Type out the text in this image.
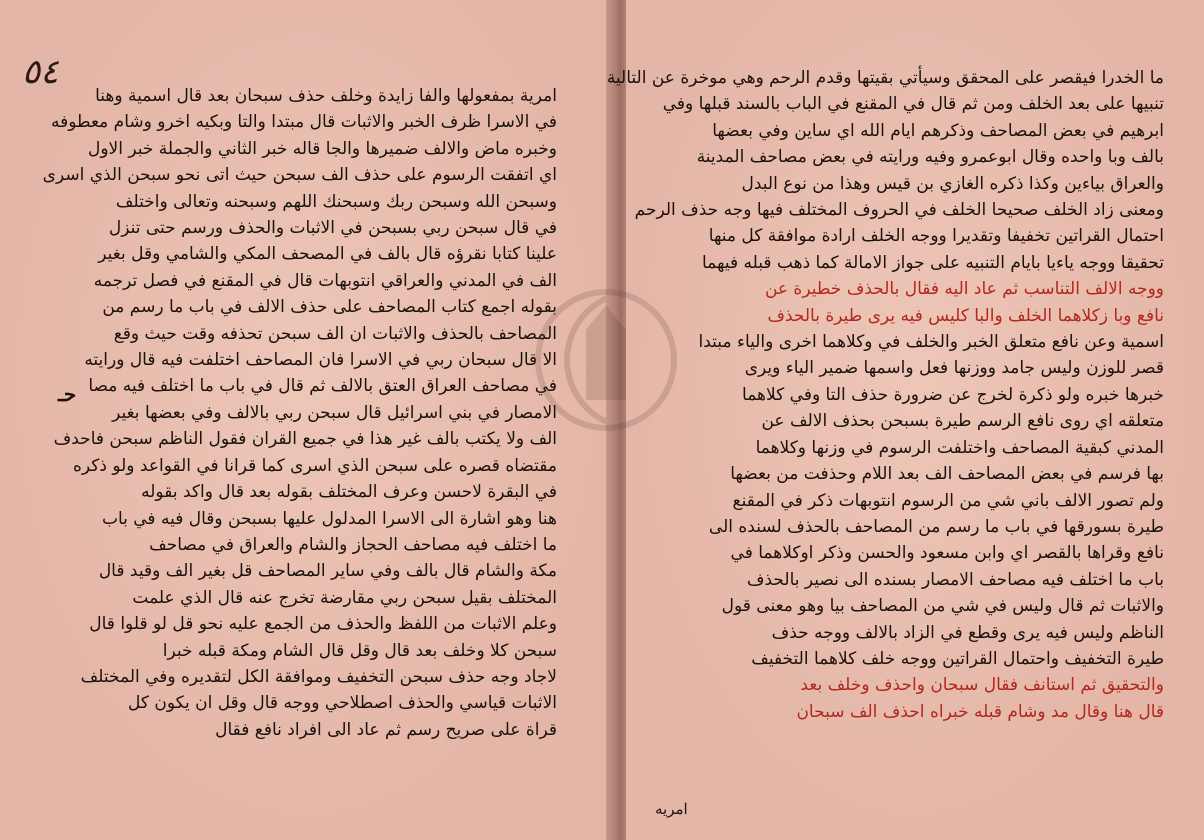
٥٤
حـ
امرية بمفعولها والفا زايدة وخلف حذف سبحان بعد قال اسمية وهنا
في الاسرا ظرف الخبر والاثبات قال مبتدا والتا وبكيه اخرو وشام معطوفه
وخبره ماض والالف ضميرها والجا قاله خبر الثاني والجملة خبر الاول
اي اتفقت الرسوم على حذف الف سبحن حيث اتى نحو سبحن الذي اسرى
وسبحن الله وسبحن ربك وسبحنك اللهم وسبحنه وتعالى واختلف
في قال سبحن ربي بسبحن في الاثبات والحذف ورسم حتى تنزل
علينا كتابا نقرؤه قال بالف في المصحف المكي والشامي وقل بغير
الف في المدني والعراقي انتوبهات قال في المقنع في فصل ترجمه
بقوله اجمع كتاب المصاحف على حذف الالف في باب ما رسم من
المصاحف بالحذف والاثبات ان الف سبحن تحذفه وقت حيث وقع
الا قال سبحان ربي في الاسرا فان المصاحف اختلفت فيه قال ورايته
في مصاحف العراق العتق بالالف ثم قال في باب ما اختلف فيه مصا
الامصار في بني اسرائيل قال سبحن ربي بالالف وفي بعضها بغير
الف ولا يكتب بالف غير هذا في جميع القران فقول الناظم سبحن فاحدف
مقتضاه قصره على سبحن الذي اسرى كما قرانا في القواعد ولو ذكره
في البقرة لاحسن وعرف المختلف بقوله بعد قال واكد بقوله
هنا وهو اشارة الى الاسرا المدلول عليها بسبحن وقال فيه في باب
ما اختلف فيه مصاحف الحجاز والشام والعراق في مصاحف
مكة والشام قال بالف وفي ساير المصاحف قل بغير الف وقيد قال
المختلف بقيل سبحن ربي مقارضة تخرج عنه قال الذي علمت
وعلم الاثبات من اللفظ والحذف من الجمع عليه نحو قل لو قلوا قال
سبحن كلا وخلف بعد قال وقل قال الشام ومكة قبله خبرا
لاجاد وجه حذف سبحن التخفيف وموافقة الكل لتقديره وفي المختلف
الاثبات قياسي والحذف اصطلاحي ووجه قال وقل ان يكون كل
قراة على صريح رسم ثم عاد الى افراد نافع فقال
ما الخدرا فيقصر على المحقق وسيأتي بقيتها وقدم الرحم وهي موخرة عن التالية
تنبيها على بعد الخلف ومن ثم قال في المقنع في الباب بالسند قبلها وفي
ابرهيم في بعض المصاحف وذكرهم ايام الله اي ساين وفي بعضها
بالف وبا واحده وقال ابوعمرو وفيه ورايته في بعض مصاحف المدينة
والعراق بياءين وكذا ذكره الغازي بن قيس وهذا من نوع البدل
ومعنى زاد الخلف صحيحا الخلف في الحروف المختلف فيها وجه حذف الرحم
احتمال القراتين تخفيفا وتقديرا ووجه الخلف ارادة موافقة كل منها
تحقيقا ووجه ياءيا بايام التنبيه على جواز الامالة كما ذهب قبله فيهما
ووجه الالف التناسب ثم عاد اليه فقال بالحذف خطيرة عن
نافع وبا زكلاهما الخلف والبا كليس فيه يرى طيرة بالحذف
اسمية وعن نافع متعلق الخبر والخلف في وكلاهما اخرى والياء مبتدا
قصر للوزن وليس جامد ووزنها فعل واسمها ضمير الياء ويرى
خبرها خبره ولو ذكرة لخرج عن ضرورة حذف التا وفي كلاهما
متعلقه اي روى نافع الرسم طيرة بسبحن بحذف الالف عن
المدني كبقية المصاحف واختلفت الرسوم في وزنها وكلاهما
بها فرسم في بعض المصاحف الف بعد اللام وحذفت من بعضها
ولم تصور الالف باني شي من الرسوم انتوبهات ذكر في المقنع
طيرة بسورقها في باب ما رسم من المصاحف بالحذف لسنده الى
نافع وقراها بالقصر اي وابن مسعود والحسن وذكر اوكلاهما في
باب ما اختلف فيه مصاحف الامصار بسنده الى نصير بالحذف
والاثبات ثم قال وليس في شي من المصاحف بيا وهو معنى قول
الناظم وليس فيه يرى وقطع في الزاد بالالف ووجه حذف
طيرة التخفيف واحتمال القراتين ووجه خلف كلاهما التخفيف
والتحقيق ثم استانف فقال سبحان واحذف وخلف بعد
قال هنا وقال مد وشام قبله خبراه احذف الف سبحان
امريه
